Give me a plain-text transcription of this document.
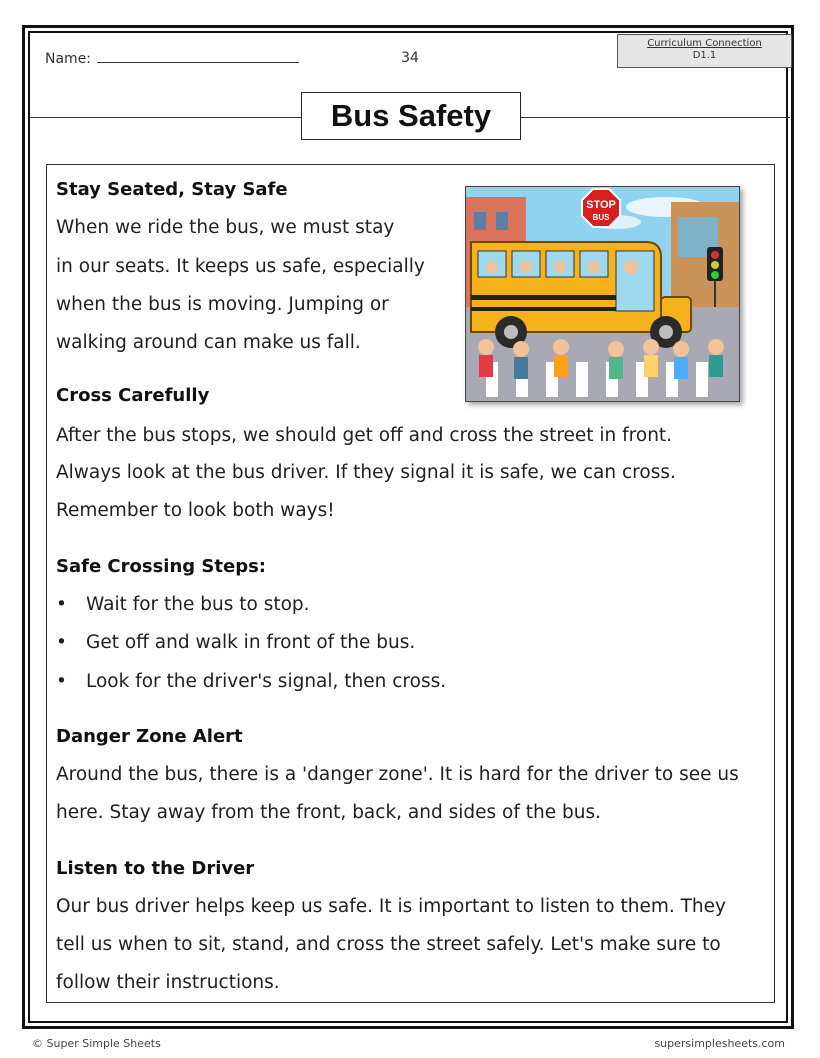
Name:	34
Curriculum Connection
D1.1
Bus Safety
STOP
BUS
Stay Seated, Stay Safe
When we ride the bus, we must stay
in our seats. It keeps us safe, especially
when the bus is moving. Jumping or
walking around can make us fall.
Cross Carefully
After the bus stops, we should get off and cross the street in front.
Always look at the bus driver. If they signal it is safe, we can cross.
Remember to look both ways!
Safe Crossing Steps:
• Wait for the bus to stop.
• Get off and walk in front of the bus.
• Look for the driver's signal, then cross.
Danger Zone Alert
Around the bus, there is a 'danger zone'. It is hard for the driver to see us
here. Stay away from the front, back, and sides of the bus.
Listen to the Driver
Our bus driver helps keep us safe. It is important to listen to them. They
tell us when to sit, stand, and cross the street safely. Let's make sure to
follow their instructions.
© Super Simple Sheets	supersimplesheets.com
